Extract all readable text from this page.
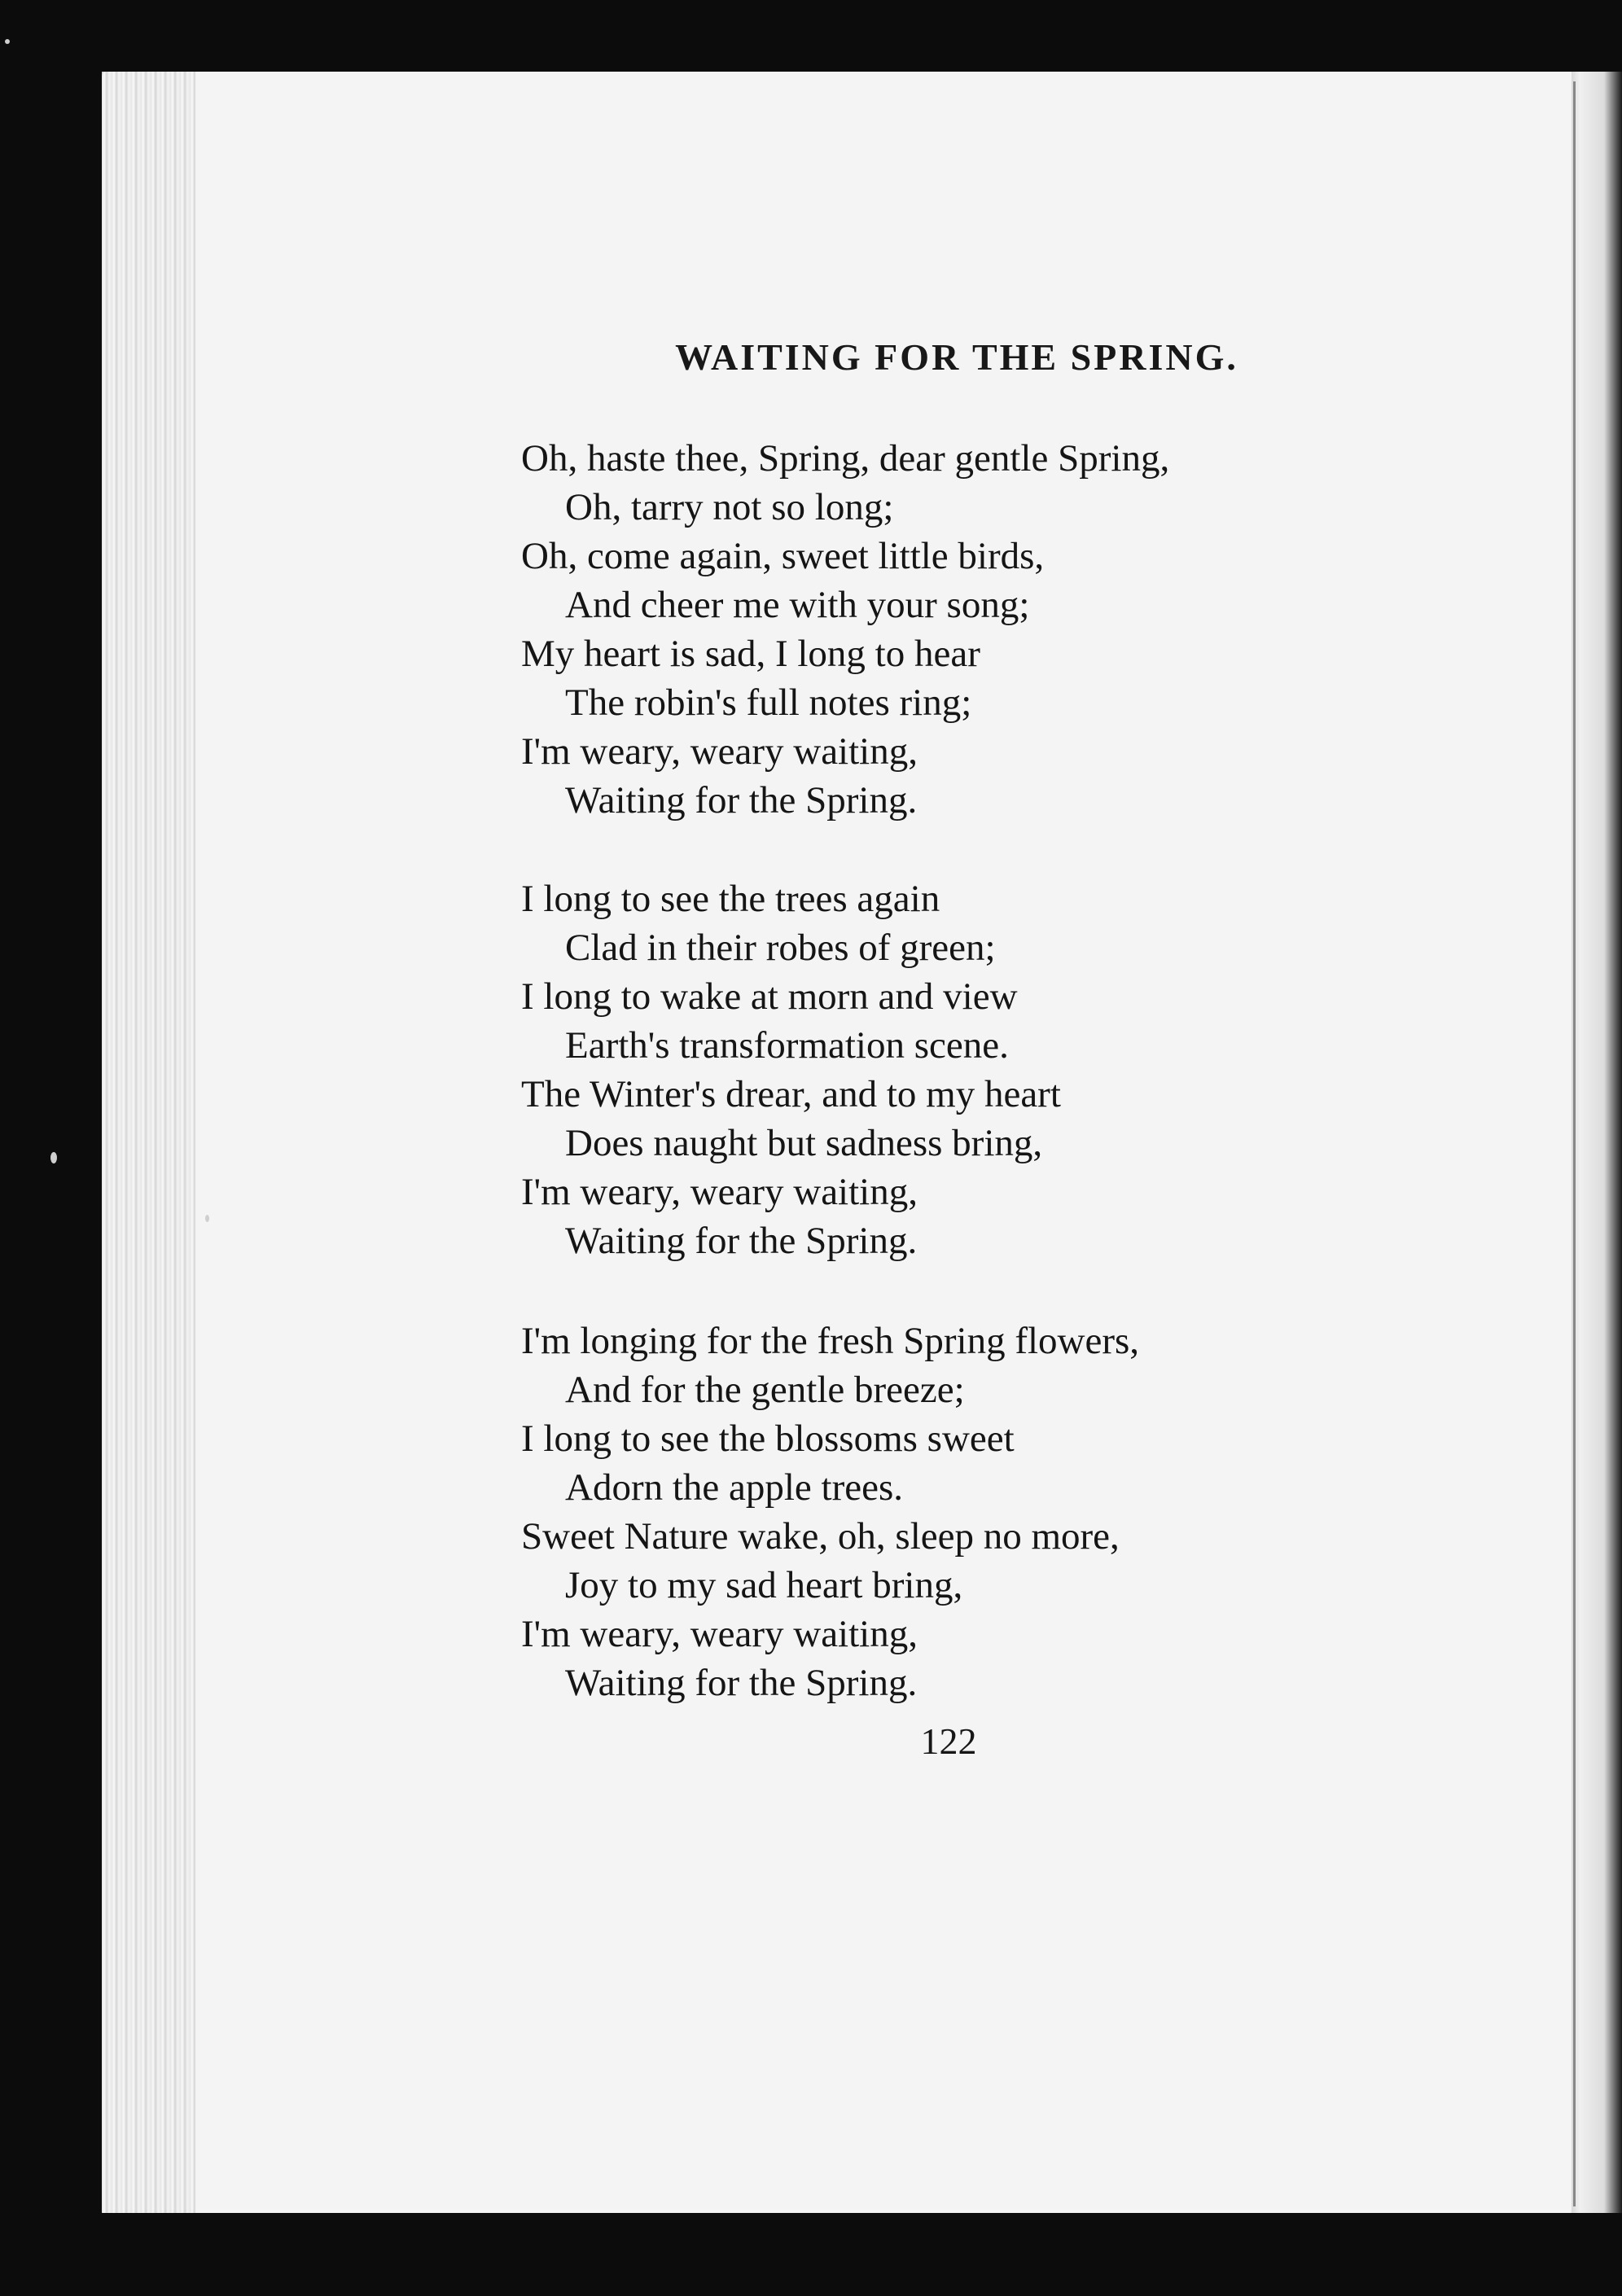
WAITING FOR THE SPRING.
Oh, haste thee, Spring, dear gentle Spring,
Oh, tarry not so long;
Oh, come again, sweet little birds,
And cheer me with your song;
My heart is sad, I long to hear
The robin's full notes ring;
I'm weary, weary waiting,
Waiting for the Spring.
I long to see the trees again
Clad in their robes of green;
I long to wake at morn and view
Earth's transformation scene.
The Winter's drear, and to my heart
Does naught but sadness bring,
I'm weary, weary waiting,
Waiting for the Spring.
I'm longing for the fresh Spring flowers,
And for the gentle breeze;
I long to see the blossoms sweet
Adorn the apple trees.
Sweet Nature wake, oh, sleep no more,
Joy to my sad heart bring,
I'm weary, weary waiting,
Waiting for the Spring.

122
